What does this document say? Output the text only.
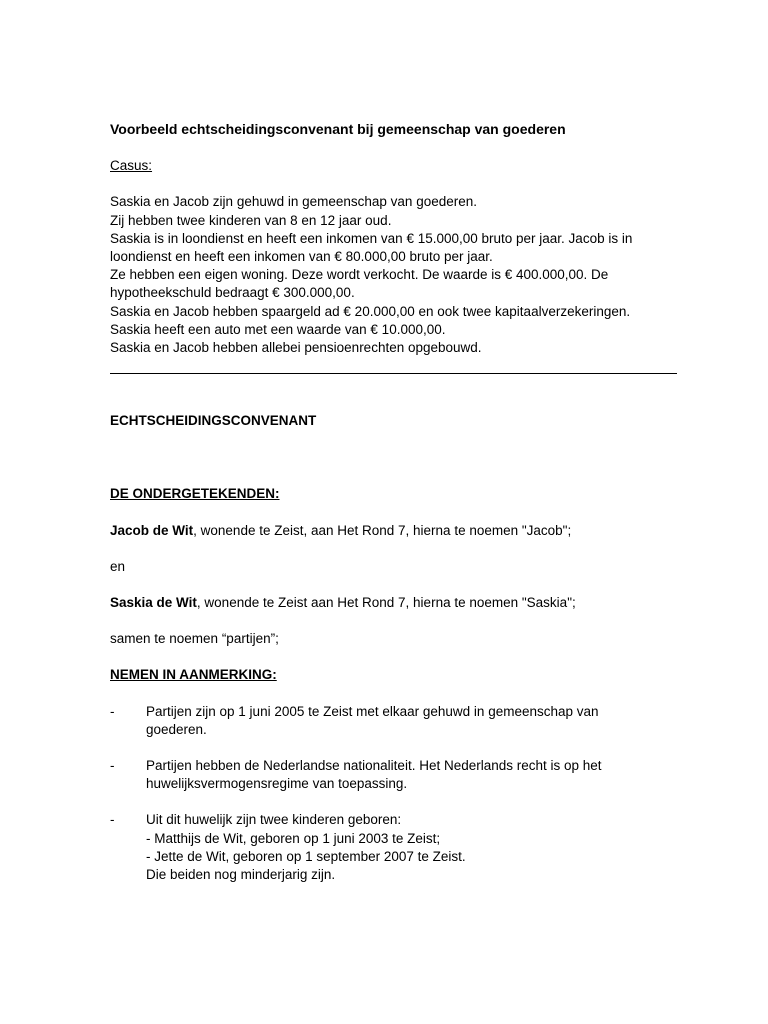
Voorbeeld echtscheidingsconvenant bij gemeenschap van goederen
Casus:
Saskia en Jacob zijn gehuwd in gemeenschap van goederen.
Zij hebben twee kinderen van 8 en 12 jaar oud.
Saskia is in loondienst en heeft een inkomen van € 15.000,00 bruto per jaar. Jacob is in
loondienst en heeft een inkomen van € 80.000,00 bruto per jaar.
Ze hebben een eigen woning. Deze wordt verkocht. De waarde is € 400.000,00. De
hypotheekschuld bedraagt € 300.000,00.
Saskia en Jacob hebben spaargeld ad € 20.000,00 en ook twee kapitaalverzekeringen.
Saskia heeft een auto met een waarde van € 10.000,00.
Saskia en Jacob hebben allebei pensioenrechten opgebouwd.
ECHTSCHEIDINGSCONVENANT
DE ONDERGETEKENDEN:
Jacob de Wit, wonende te Zeist, aan Het Rond 7, hierna te noemen "Jacob";
en
Saskia de Wit, wonende te Zeist aan Het Rond 7, hierna te noemen "Saskia";
samen te noemen “partijen”;
NEMEN IN AANMERKING:
- Partijen zijn op 1 juni 2005 te Zeist met elkaar gehuwd in gemeenschap van
goederen.
- Partijen hebben de Nederlandse nationaliteit. Het Nederlands recht is op het
huwelijksvermogensregime van toepassing.
- Uit dit huwelijk zijn twee kinderen geboren:
- Matthijs de Wit, geboren op 1 juni 2003 te Zeist;
- Jette de Wit, geboren op 1 september 2007 te Zeist.
Die beiden nog minderjarig zijn.
